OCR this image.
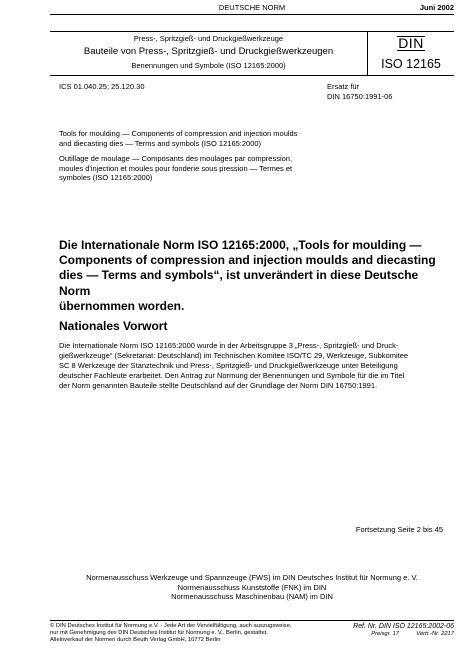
DEUTSCHE NORM	Juni 2002
Press-, Spritzgieß- und Druckgießwerkzeuge
Bauteile von Press-, Spritzgieß- und Druckgießwerkzeugen
Benennungen und Symbole (ISO 12165:2000)
DIN
ISO 12165
ICS 01.040.25; 25.120.30	Ersatz für
DIN 16750:1991-06
Tools for moulding — Components of compression and injection moulds
and diecasting dies — Terms and symbols (ISO 12165:2000)
Outillage de moulage — Composants des moulages par compression,
moules d'injection et moules pour fonderie sous pression — Termes et
symboles (ISO 12165:2000)
Die Internationale Norm ISO 12165:2000, „Tools for moulding —
Components of compression and injection moulds and diecasting
dies — Terms and symbols“, ist unverändert in diese Deutsche Norm
übernommen worden.
Nationales Vorwort
Die Internationale Norm ISO 12165:2000 wurde in der Arbeitsgruppe 3 „Press-, Spritzgieß- und Druck-
gießwerkzeuge“ (Sekretariat: Deutschland) im Technischen Komitee ISO/TC 29, Werkzeuge, Subkomitee
SC 8 Werkzeuge der Stanztechnik und Press-, Spritzgieß- und Druckgießwerkzeuge unter Beteiligung
deutscher Fachleute erarbeitet. Den Antrag zur Normung der Benennungen und Symbole für die im Titel
der Norm genannten Bauteile stellte Deutschland auf der Grundlage der Norm DIN 16750:1991.
Fortsetzung Seite 2 bis 45
Normenausschuss Werkzeuge und Spannzeuge (FWS) im DIN Deutsches Institut für Normung e. V.
Normenausschuss Kunststoffe (FNK) im DIN
Normenausschuss Maschinenbau (NAM) im DIN
© DIN Deutsches Institut für Normung e.V. · Jede Art der Vervielfältigung, auch auszugsweise,
nur mit Genehmigung des DIN Deutsches Institut für Normung e. V., Berlin, gestattet.
Alleinverkauf der Normen durch Beuth Verlag GmbH, 10772 Berlin
Ref. Nr. DIN ISO 12165:2002-06
Preisgr. 17	Vertr.-Nr. 2217
